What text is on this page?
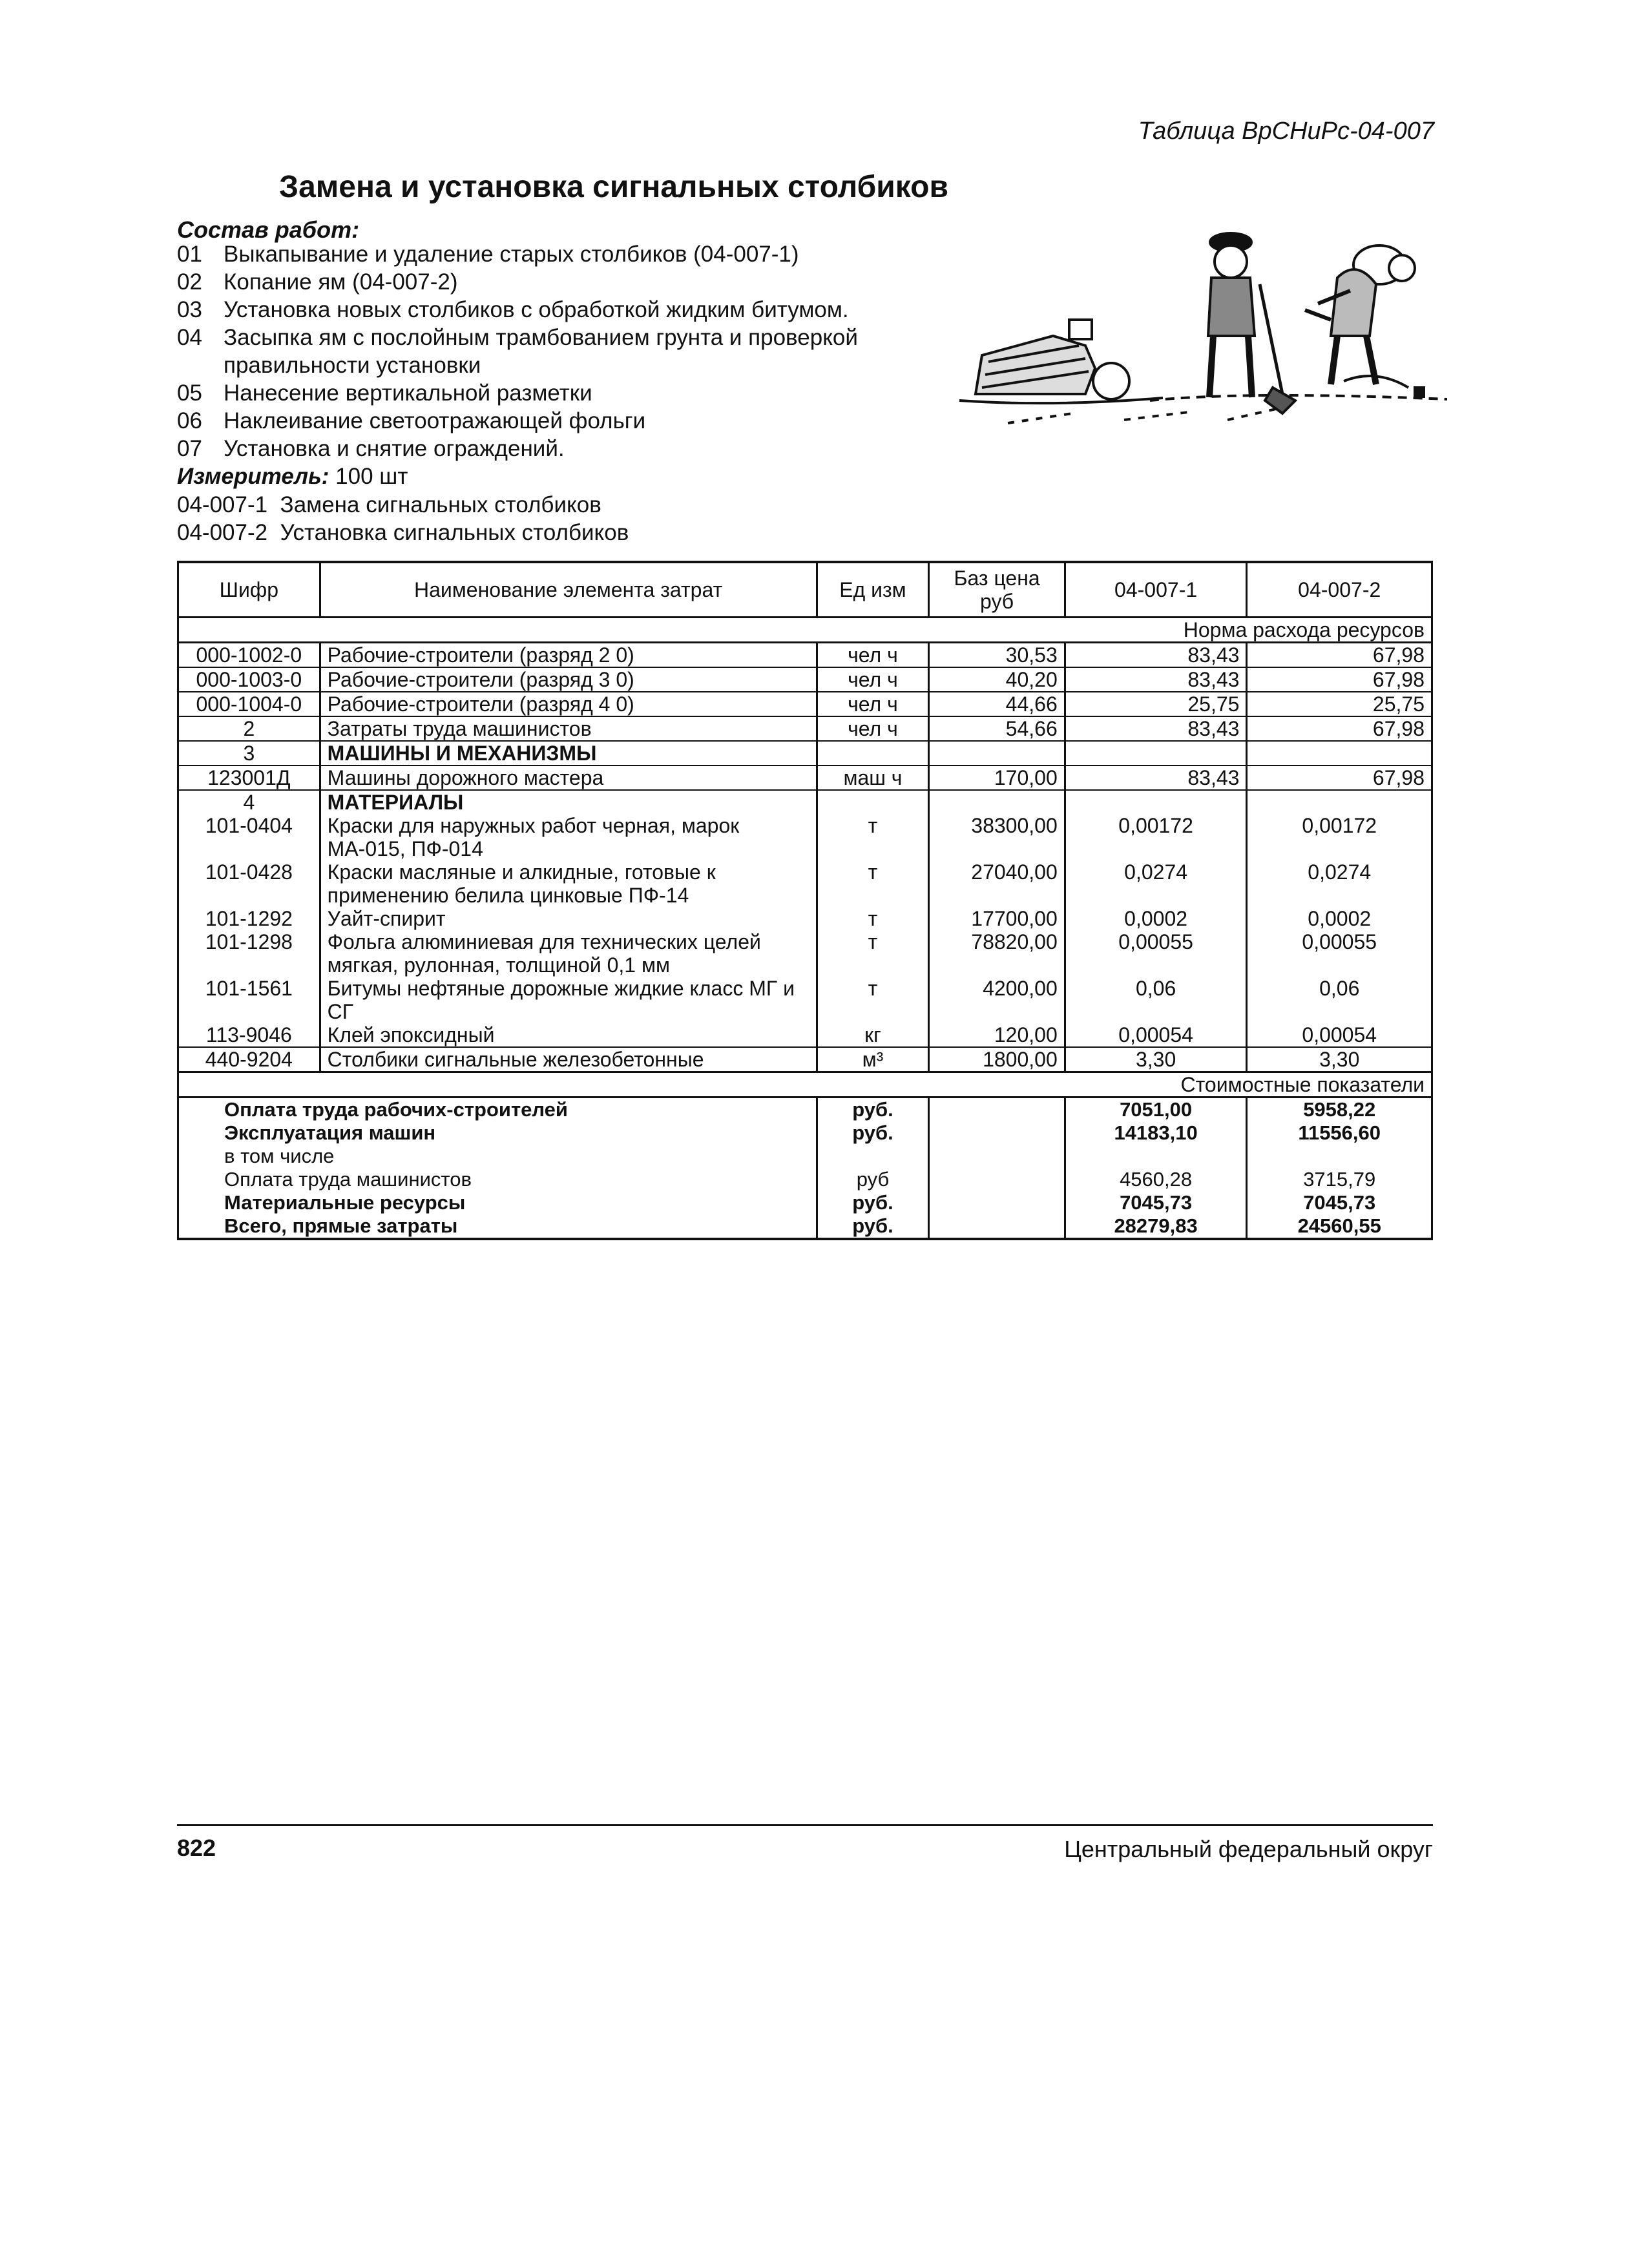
Таблица ВрСНиРс-04-007
Замена и установка сигнальных столбиков
Состав работ:
01 Выкапывание и удаление старых столбиков (04-007-1)
02 Копание ям (04-007-2)
03 Установка новых столбиков с обработкой жидким битумом.
04 Засыпка ям с послойным трамбованием грунта и проверкой правильности установки
05 Нанесение вертикальной разметки
06 Наклеивание светоотражающей фольги
07 Установка и снятие ограждений.
Измеритель: 100 шт
04-007-1  Замена сигнальных столбиков
04-007-2  Установка сигнальных столбиков
Шифр	Наименование элемента затрат	Ед изм	Баз цена руб	04-007-1	04-007-2
Норма расхода ресурсов					
000-1002-0	Рабочие-строители (разряд 2 0)	чел ч	30,53	83,43	67,98
000-1003-0	Рабочие-строители (разряд 3 0)	чел ч	40,20	83,43	67,98
000-1004-0	Рабочие-строители (разряд 4 0)	чел ч	44,66	25,75	25,75
2	Затраты труда машинистов	чел ч	54,66	83,43	67,98
3	МАШИНЫ И МЕХАНИЗМЫ				
123001Д	Машины дорожного мастера	маш ч	170,00	83,43	67,98
4	МАТЕРИАЛЫ				
101-0404	Краски для наружных работ черная, марок МА-015, ПФ-014	т	38300,00	0,00172	0,00172
101-0428	Краски масляные и алкидные, готовые к применению белила цинковые ПФ-14	т	27040,00	0,0274	0,0274
101-1292	Уайт-спирит	т	17700,00	0,0002	0,0002
101-1298	Фольга алюминиевая для технических целей мягкая, рулонная, толщиной 0,1 мм	т	78820,00	0,00055	0,00055
101-1561	Битумы нефтяные дорожные жидкие класс МГ и СГ	т	4200,00	0,06	0,06
113-9046	Клей эпоксидный	кг	120,00	0,00054	0,00054
440-9204	Столбики сигнальные железобетонные	м³	1800,00	3,30	3,30
Стоимостные показатели					
Оплата труда рабочих-строителей		руб.		7051,00	5958,22
Эксплуатация машин		руб.		14183,10	11556,60
в том числе					
Оплата труда машинистов		руб		4560,28	3715,79
Материальные ресурсы		руб.		7045,73	7045,73
Всего, прямые затраты		руб.		28279,83	24560,55
822	Центральный федеральный округ
